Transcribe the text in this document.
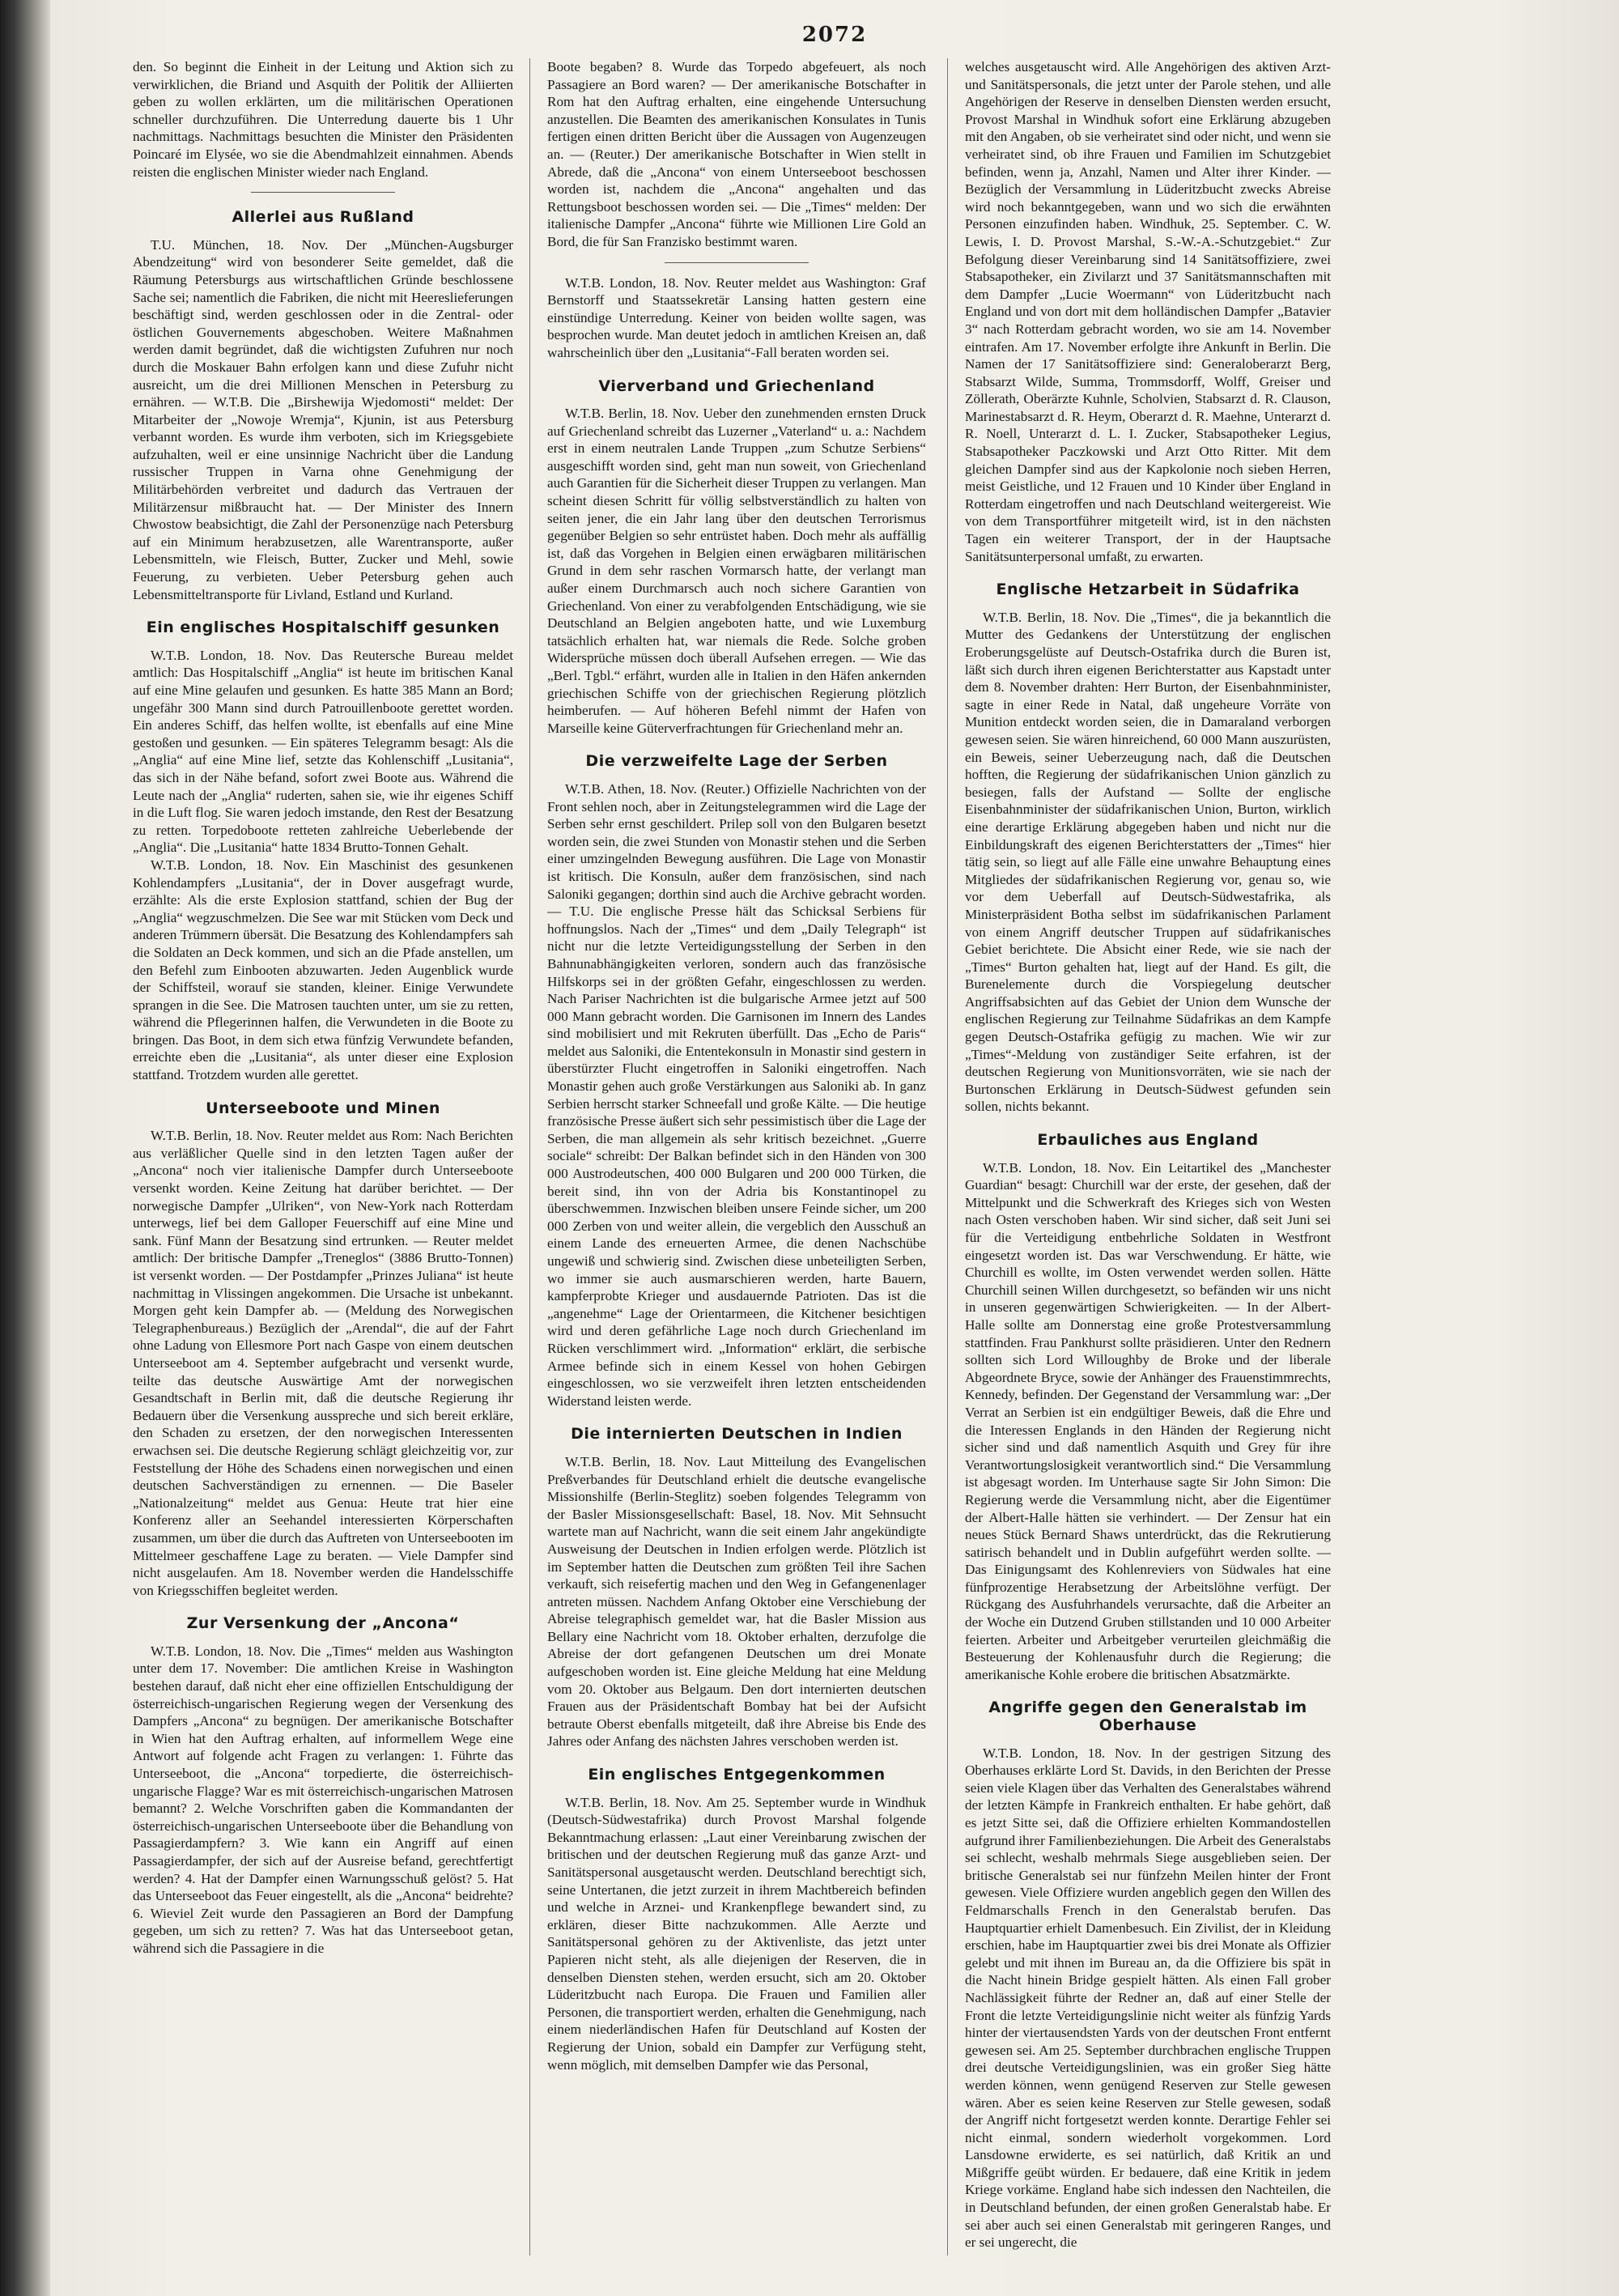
2072

den. So beginnt die Einheit in der Leitung und Aktion sich zu verwirklichen, die Briand und Asquith der Politik der Alliierten geben zu wollen erklärten, um die militärischen Operationen schneller durchzuführen. Die Unterredung dauerte bis 1 Uhr nachmittags. Nachmittags besuchten die Minister den Präsidenten Poincaré im Elysée, wo sie die Abendmahlzeit einnahmen. Abends reisten die englischen Minister wieder nach England.

Allerlei aus Rußland

T.U. München, 18. Nov. Der „München-Augsburger Abendzeitung“ wird von besonderer Seite gemeldet, daß die Räumung Petersburgs aus wirtschaftlichen Gründe beschlossene Sache sei; namentlich die Fabriken, die nicht mit Heereslieferungen beschäftigt sind, werden geschlossen oder in die Zentral- oder östlichen Gouvernements abgeschoben. Weitere Maßnahmen werden damit begründet, daß die wichtigsten Zufuhren nur noch durch die Moskauer Bahn erfolgen kann und diese Zufuhr nicht ausreicht, um die drei Millionen Menschen in Petersburg zu ernähren. — W.T.B. Die „Birshewija Wjedomosti“ meldet: Der Mitarbeiter der „Nowoje Wremja“, Kjunin, ist aus Petersburg verbannt worden. Es wurde ihm verboten, sich im Kriegsgebiete aufzuhalten, weil er eine unsinnige Nachricht über die Landung russischer Truppen in Varna ohne Genehmigung der Militärbehörden verbreitet und dadurch das Vertrauen der Militärzensur mißbraucht hat. — Der Minister des Innern Chwostow beabsichtigt, die Zahl der Personenzüge nach Petersburg auf ein Minimum herabzusetzen, alle Warentransporte, außer Lebensmitteln, wie Fleisch, Butter, Zucker und Mehl, sowie Feuerung, zu verbieten. Ueber Petersburg gehen auch Lebensmitteltransporte für Livland, Estland und Kurland.

Ein englisches Hospitalschiff gesunken

W.T.B. London, 18. Nov. Das Reutersche Bureau meldet amtlich: Das Hospitalschiff „Anglia“ ist heute im britischen Kanal auf eine Mine gelaufen und gesunken. Es hatte 385 Mann an Bord; ungefähr 300 Mann sind durch Patrouillenboote gerettet worden. Ein anderes Schiff, das helfen wollte, ist ebenfalls auf eine Mine gestoßen und gesunken. — Ein späteres Telegramm besagt: Als die „Anglia“ auf eine Mine lief, setzte das Kohlenschiff „Lusitania“, das sich in der Nähe befand, sofort zwei Boote aus. Während die Leute nach der „Anglia“ ruderten, sahen sie, wie ihr eigenes Schiff in die Luft flog. Sie waren jedoch imstande, den Rest der Besatzung zu retten. Torpedoboote retteten zahlreiche Ueberlebende der „Anglia“. Die „Lusitania“ hatte 1834 Brutto-Tonnen Gehalt.

W.T.B. London, 18. Nov. Ein Maschinist des gesunkenen Kohlendampfers „Lusitania“, der in Dover ausgefragt wurde, erzählte: Als die erste Explosion stattfand, schien der Bug der „Anglia“ wegzuschmelzen. Die See war mit Stücken vom Deck und anderen Trümmern übersät. Die Besatzung des Kohlendampfers sah die Soldaten an Deck kommen, und sich an die Pfade anstellen, um den Befehl zum Einbooten abzuwarten. Jeden Augenblick wurde der Schiffsteil, worauf sie standen, kleiner. Einige Verwundete sprangen in die See. Die Matrosen tauchten unter, um sie zu retten, während die Pflegerinnen halfen, die Verwundeten in die Boote zu bringen. Das Boot, in dem sich etwa fünfzig Verwundete befanden, erreichte eben die „Lusitania“, als unter dieser eine Explosion stattfand. Trotzdem wurden alle gerettet.

Unterseeboote und Minen

W.T.B. Berlin, 18. Nov. Reuter meldet aus Rom: Nach Berichten aus verläßlicher Quelle sind in den letzten Tagen außer der „Ancona“ noch vier italienische Dampfer durch Unterseeboote versenkt worden. Keine Zeitung hat darüber berichtet. — Der norwegische Dampfer „Ulriken“, von New-York nach Rotterdam unterwegs, lief bei dem Galloper Feuerschiff auf eine Mine und sank. Fünf Mann der Besatzung sind ertrunken. — Reuter meldet amtlich: Der britische Dampfer „Treneglos“ (3886 Brutto-Tonnen) ist versenkt worden. — Der Postdampfer „Prinzes Juliana“ ist heute nachmittag in Vlissingen angekommen. Die Ursache ist unbekannt. Morgen geht kein Dampfer ab. — (Meldung des Norwegischen Telegraphenbureaus.) Bezüglich der „Arendal“, die auf der Fahrt ohne Ladung von Ellesmore Port nach Gaspe von einem deutschen Unterseeboot am 4. September aufgebracht und versenkt wurde, teilte das deutsche Auswärtige Amt der norwegischen Gesandtschaft in Berlin mit, daß die deutsche Regierung ihr Bedauern über die Versenkung ausspreche und sich bereit erkläre, den Schaden zu ersetzen, der den norwegischen Interessenten erwachsen sei. Die deutsche Regierung schlägt gleichzeitig vor, zur Feststellung der Höhe des Schadens einen norwegischen und einen deutschen Sachverständigen zu ernennen. — Die Baseler „Nationalzeitung“ meldet aus Genua: Heute trat hier eine Konferenz aller an Seehandel interessierten Körperschaften zusammen, um über die durch das Auftreten von Unterseebooten im Mittelmeer geschaffene Lage zu beraten. — Viele Dampfer sind nicht ausgelaufen. Am 18. November werden die Handelsschiffe von Kriegsschiffen begleitet werden.

Zur Versenkung der „Ancona“

W.T.B. London, 18. Nov. Die „Times“ melden aus Washington unter dem 17. November: Die amtlichen Kreise in Washington bestehen darauf, daß nicht eher eine offiziellen Entschuldigung der österreichisch-ungarischen Regierung wegen der Versenkung des Dampfers „Ancona“ zu begnügen. Der amerikanische Botschafter in Wien hat den Auftrag erhalten, auf informellem Wege eine Antwort auf folgende acht Fragen zu verlangen: 1. Führte das Unterseeboot, die „Ancona“ torpedierte, die österreichisch-ungarische Flagge? War es mit österreichisch-ungarischen Matrosen bemannt? 2. Welche Vorschriften gaben die Kommandanten der österreichisch-ungarischen Unterseeboote über die Behandlung von Passagierdampfern? 3. Wie kann ein Angriff auf einen Passagierdampfer, der sich auf der Ausreise befand, gerechtfertigt werden? 4. Hat der Dampfer einen Warnungsschuß gelöst? 5. Hat das Unterseeboot das Feuer eingestellt, als die „Ancona“ beidrehte? 6. Wieviel Zeit wurde den Passagieren an Bord der Dampfung gegeben, um sich zu retten? 7. Was hat das Unterseeboot getan, während sich die Passagiere in die

Boote begaben? 8. Wurde das Torpedo abgefeuert, als noch Passagiere an Bord waren? — Der amerikanische Botschafter in Rom hat den Auftrag erhalten, eine eingehende Untersuchung anzustellen. Die Beamten des amerikanischen Konsulates in Tunis fertigen einen dritten Bericht über die Aussagen von Augenzeugen an. — (Reuter.) Der amerikanische Botschafter in Wien stellt in Abrede, daß die „Ancona“ von einem Unterseeboot beschossen worden ist, nachdem die „Ancona“ angehalten und das Rettungsboot beschossen worden sei. — Die „Times“ melden: Der italienische Dampfer „Ancona“ führte wie Millionen Lire Gold an Bord, die für San Franzisko bestimmt waren.

W.T.B. London, 18. Nov. Reuter meldet aus Washington: Graf Bernstorff und Staatssekretär Lansing hatten gestern eine einstündige Unterredung. Keiner von beiden wollte sagen, was besprochen wurde. Man deutet jedoch in amtlichen Kreisen an, daß wahrscheinlich über den „Lusitania“-Fall beraten worden sei.

Vierverband und Griechenland

W.T.B. Berlin, 18. Nov. Ueber den zunehmenden ernsten Druck auf Griechenland schreibt das Luzerner „Vaterland“ u. a.: Nachdem erst in einem neutralen Lande Truppen „zum Schutze Serbiens“ ausgeschifft worden sind, geht man nun soweit, von Griechenland auch Garantien für die Sicherheit dieser Truppen zu verlangen. Man scheint diesen Schritt für völlig selbstverständlich zu halten von seiten jener, die ein Jahr lang über den deutschen Terrorismus gegenüber Belgien so sehr entrüstet haben. Doch mehr als auffällig ist, daß das Vorgehen in Belgien einen erwägbaren militärischen Grund in dem sehr raschen Vormarsch hatte, der verlangt man außer einem Durchmarsch auch noch sichere Garantien von Griechenland. Von einer zu verabfolgenden Entschädigung, wie sie Deutschland an Belgien angeboten hatte, und wie Luxemburg tatsächlich erhalten hat, war niemals die Rede. Solche groben Widersprüche müssen doch überall Aufsehen erregen. — Wie das „Berl. Tgbl.“ erfährt, wurden alle in Italien in den Häfen ankernden griechischen Schiffe von der griechischen Regierung plötzlich heimberufen. — Auf höheren Befehl nimmt der Hafen von Marseille keine Güterverfrachtungen für Griechenland mehr an.

Die verzweifelte Lage der Serben

W.T.B. Athen, 18. Nov. (Reuter.) Offizielle Nachrichten von der Front sehlen noch, aber in Zeitungstelegrammen wird die Lage der Serben sehr ernst geschildert. Prilep soll von den Bulgaren besetzt worden sein, die zwei Stunden von Monastir stehen und die Serben einer umzingelnden Bewegung ausführen. Die Lage von Monastir ist kritisch. Die Konsuln, außer dem französischen, sind nach Saloniki gegangen; dorthin sind auch die Archive gebracht worden. — T.U. Die englische Presse hält das Schicksal Serbiens für hoffnungslos. Nach der „Times“ und dem „Daily Telegraph“ ist nicht nur die letzte Verteidigungsstellung der Serben in den Bahnunabhängigkeiten verloren, sondern auch das französische Hilfskorps sei in der größten Gefahr, eingeschlossen zu werden. Nach Pariser Nachrichten ist die bulgarische Armee jetzt auf 500 000 Mann gebracht worden. Die Garnisonen im Innern des Landes sind mobilisiert und mit Rekruten überfüllt. Das „Echo de Paris“ meldet aus Saloniki, die Ententekonsuln in Monastir sind gestern in überstürzter Flucht eingetroffen in Saloniki eingetroffen. Nach Monastir gehen auch große Verstärkungen aus Saloniki ab. In ganz Serbien herrscht starker Schneefall und große Kälte. — Die heutige französische Presse äußert sich sehr pessimistisch über die Lage der Serben, die man allgemein als sehr kritisch bezeichnet. „Guerre sociale“ schreibt: Der Balkan befindet sich in den Händen von 300 000 Austrodeutschen, 400 000 Bulgaren und 200 000 Türken, die bereit sind, ihn von der Adria bis Konstantinopel zu überschwemmen. Inzwischen bleiben unsere Feinde sicher, um 200 000 Zerben von und weiter allein, die vergeblich den Ausschuß an einem Lande des erneuerten Armee, die denen Nachschübe ungewiß und schwierig sind. Zwischen diese unbeteiligten Serben, wo immer sie auch ausmarschieren werden, harte Bauern, kampferprobte Krieger und ausdauernde Patrioten. Das ist die „angenehme“ Lage der Orientarmeen, die Kitchener besichtigen wird und deren gefährliche Lage noch durch Griechenland im Rücken verschlimmert wird. „Information“ erklärt, die serbische Armee befinde sich in einem Kessel von hohen Gebirgen eingeschlossen, wo sie verzweifelt ihren letzten entscheidenden Widerstand leisten werde.

Die internierten Deutschen in Indien

W.T.B. Berlin, 18. Nov. Laut Mitteilung des Evangelischen Preßverbandes für Deutschland erhielt die deutsche evangelische Missionshilfe (Berlin-Steglitz) soeben folgendes Telegramm von der Basler Missionsgesellschaft: Basel, 18. Nov. Mit Sehnsucht wartete man auf Nachricht, wann die seit einem Jahr angekündigte Ausweisung der Deutschen in Indien erfolgen werde. Plötzlich ist im September hatten die Deutschen zum größten Teil ihre Sachen verkauft, sich reisefertig machen und den Weg in Gefangenenlager antreten müssen. Nachdem Anfang Oktober eine Verschiebung der Abreise telegraphisch gemeldet war, hat die Basler Mission aus Bellary eine Nachricht vom 18. Oktober erhalten, derzufolge die Abreise der dort gefangenen Deutschen um drei Monate aufgeschoben worden ist. Eine gleiche Meldung hat eine Meldung vom 20. Oktober aus Belgaum. Den dort internierten deutschen Frauen aus der Präsidentschaft Bombay hat bei der Aufsicht betraute Oberst ebenfalls mitgeteilt, daß ihre Abreise bis Ende des Jahres oder Anfang des nächsten Jahres verschoben werden ist.

Ein englisches Entgegenkommen

W.T.B. Berlin, 18. Nov. Am 25. September wurde in Windhuk (Deutsch-Südwestafrika) durch Provost Marshal folgende Bekanntmachung erlassen: „Laut einer Vereinbarung zwischen der britischen und der deutschen Regierung muß das ganze Arzt- und Sanitätspersonal ausgetauscht werden. Deutschland berechtigt sich, seine Untertanen, die jetzt zurzeit in ihrem Machtbereich befinden und welche in Arznei- und Krankenpflege bewandert sind, zu erklären, dieser Bitte nachzukommen. Alle Aerzte und Sanitätspersonal gehören zu der Aktivenliste, das jetzt unter Papieren nicht steht, als alle diejenigen der Reserven, die in denselben Diensten stehen, werden ersucht, sich am 20. Oktober Lüderitzbucht nach Europa. Die Frauen und Familien aller Personen, die transportiert werden, erhalten die Genehmigung, nach einem niederländischen Hafen für Deutschland auf Kosten der Regierung der Union, sobald ein Dampfer zur Verfügung steht, wenn möglich, mit demselben Dampfer wie das Personal,

welches ausgetauscht wird. Alle Angehörigen des aktiven Arzt- und Sanitätspersonals, die jetzt unter der Parole stehen, und alle Angehörigen der Reserve in denselben Diensten werden ersucht, Provost Marshal in Windhuk sofort eine Erklärung abzugeben mit den Angaben, ob sie verheiratet sind oder nicht, und wenn sie verheiratet sind, ob ihre Frauen und Familien im Schutzgebiet befinden, wenn ja, Anzahl, Namen und Alter ihrer Kinder. — Bezüglich der Versammlung in Lüderitzbucht zwecks Abreise wird noch bekanntgegeben, wann und wo sich die erwähnten Personen einzufinden haben. Windhuk, 25. September. C. W. Lewis, I. D. Provost Marshal, S.-W.-A.-Schutzgebiet.“ Zur Befolgung dieser Vereinbarung sind 14 Sanitätsoffiziere, zwei Stabsapotheker, ein Zivilarzt und 37 Sanitätsmannschaften mit dem Dampfer „Lucie Woermann“ von Lüderitzbucht nach England und von dort mit dem holländischen Dampfer „Batavier 3“ nach Rotterdam gebracht worden, wo sie am 14. November eintrafen. Am 17. November erfolgte ihre Ankunft in Berlin. Die Namen der 17 Sanitätsoffiziere sind: Generaloberarzt Berg, Stabsarzt Wilde, Summa, Trommsdorff, Wolff, Greiser und Zöllerath, Oberärzte Kuhnle, Scholvien, Stabsarzt d. R. Clauson, Marinestabsarzt d. R. Heym, Oberarzt d. R. Maehne, Unterarzt d. R. Noell, Unterarzt d. L. I. Zucker, Stabsapotheker Legius, Stabsapotheker Paczkowski und Arzt Otto Ritter. Mit dem gleichen Dampfer sind aus der Kapkolonie noch sieben Herren, meist Geistliche, und 12 Frauen und 10 Kinder über England in Rotterdam eingetroffen und nach Deutschland weitergereist. Wie von dem Transportführer mitgeteilt wird, ist in den nächsten Tagen ein weiterer Transport, der in der Hauptsache Sanitätsunterpersonal umfaßt, zu erwarten.

Englische Hetzarbeit in Südafrika

W.T.B. Berlin, 18. Nov. Die „Times“, die ja bekanntlich die Mutter des Gedankens der Unterstützung der englischen Eroberungsgelüste auf Deutsch-Ostafrika durch die Buren ist, läßt sich durch ihren eigenen Berichterstatter aus Kapstadt unter dem 8. November drahten: Herr Burton, der Eisenbahnminister, sagte in einer Rede in Natal, daß ungeheure Vorräte von Munition entdeckt worden seien, die in Damaraland verborgen gewesen seien. Sie wären hinreichend, 60 000 Mann auszurüsten, ein Beweis, seiner Ueberzeugung nach, daß die Deutschen hofften, die Regierung der südafrikanischen Union gänzlich zu besiegen, falls der Aufstand — Sollte der englische Eisenbahnminister der südafrikanischen Union, Burton, wirklich eine derartige Erklärung abgegeben haben und nicht nur die Einbildungskraft des eigenen Berichterstatters der „Times“ hier tätig sein, so liegt auf alle Fälle eine unwahre Behauptung eines Mitgliedes der südafrikanischen Regierung vor, genau so, wie vor dem Ueberfall auf Deutsch-Südwestafrika, als Ministerpräsident Botha selbst im südafrikanischen Parlament von einem Angriff deutscher Truppen auf südafrikanisches Gebiet berichtete. Die Absicht einer Rede, wie sie nach der „Times“ Burton gehalten hat, liegt auf der Hand. Es gilt, die Burenelemente durch die Vorspiegelung deutscher Angriffsabsichten auf das Gebiet der Union dem Wunsche der englischen Regierung zur Teilnahme Südafrikas an dem Kampfe gegen Deutsch-Ostafrika gefügig zu machen. Wie wir zur „Times“-Meldung von zuständiger Seite erfahren, ist der deutschen Regierung von Munitionsvorräten, wie sie nach der Burtonschen Erklärung in Deutsch-Südwest gefunden sein sollen, nichts bekannt.

Erbauliches aus England

W.T.B. London, 18. Nov. Ein Leitartikel des „Manchester Guardian“ besagt: Churchill war der erste, der gesehen, daß der Mittelpunkt und die Schwerkraft des Krieges sich von Westen nach Osten verschoben haben. Wir sind sicher, daß seit Juni sei für die Verteidigung entbehrliche Soldaten in Westfront eingesetzt worden ist. Das war Verschwendung. Er hätte, wie Churchill es wollte, im Osten verwendet werden sollen. Hätte Churchill seinen Willen durchgesetzt, so befänden wir uns nicht in unseren gegenwärtigen Schwierigkeiten. — In der Albert-Halle sollte am Donnerstag eine große Protestversammlung stattfinden. Frau Pankhurst sollte präsidieren. Unter den Rednern sollten sich Lord Willoughby de Broke und der liberale Abgeordnete Bryce, sowie der Anhänger des Frauenstimmrechts, Kennedy, befinden. Der Gegenstand der Versammlung war: „Der Verrat an Serbien ist ein endgültiger Beweis, daß die Ehre und die Interessen Englands in den Händen der Regierung nicht sicher sind und daß namentlich Asquith und Grey für ihre Verantwortungslosigkeit verantwortlich sind.“ Die Versammlung ist abgesagt worden. Im Unterhause sagte Sir John Simon: Die Regierung werde die Versammlung nicht, aber die Eigentümer der Albert-Halle hätten sie verhindert. — Der Zensur hat ein neues Stück Bernard Shaws unterdrückt, das die Rekrutierung satirisch behandelt und in Dublin aufgeführt werden sollte. — Das Einigungsamt des Kohlenreviers von Südwales hat eine fünfprozentige Herabsetzung der Arbeitslöhne verfügt. Der Rückgang des Ausfuhrhandels verursachte, daß die Arbeiter an der Woche ein Dutzend Gruben stillstanden und 10 000 Arbeiter feierten. Arbeiter und Arbeitgeber verurteilen gleichmäßig die Besteuerung der Kohlenausfuhr durch die Regierung; die amerikanische Kohle erobere die britischen Absatzmärkte.

Angriffe gegen den Generalstab im Oberhause

W.T.B. London, 18. Nov. In der gestrigen Sitzung des Oberhauses erklärte Lord St. Davids, in den Berichten der Presse seien viele Klagen über das Verhalten des Generalstabes während der letzten Kämpfe in Frankreich enthalten. Er habe gehört, daß es jetzt Sitte sei, daß die Offiziere erhielten Kommandostellen aufgrund ihrer Familienbeziehungen. Die Arbeit des Generalstabs sei schlecht, weshalb mehrmals Siege ausgeblieben seien. Der britische Generalstab sei nur fünfzehn Meilen hinter der Front gewesen. Viele Offiziere wurden angeblich gegen den Willen des Feldmarschalls French in den Generalstab berufen. Das Hauptquartier erhielt Damenbesuch. Ein Zivilist, der in Kleidung erschien, habe im Hauptquartier zwei bis drei Monate als Offizier gelebt und mit ihnen im Bureau an, da die Offiziere bis spät in die Nacht hinein Bridge gespielt hätten. Als einen Fall grober Nachlässigkeit führte der Redner an, daß auf einer Stelle der Front die letzte Verteidigungslinie nicht weiter als fünfzig Yards hinter der viertausendsten Yards von der deutschen Front entfernt gewesen sei. Am 25. September durchbrachen englische Truppen drei deutsche Verteidigungslinien, was ein großer Sieg hätte werden können, wenn genügend Reserven zur Stelle gewesen wären. Aber es seien keine Reserven zur Stelle gewesen, sodaß der Angriff nicht fortgesetzt werden konnte. Derartige Fehler sei nicht einmal, sondern wiederholt vorgekommen. Lord Lansdowne erwiderte, es sei natürlich, daß Kritik an und Mißgriffe geübt würden. Er bedauere, daß eine Kritik in jedem Kriege vorkäme. England habe sich indessen den Nachteilen, die in Deutschland befunden, der einen großen Generalstab habe. Er sei aber auch sei einen Generalstab mit geringeren Ranges, und er sei ungerecht, die
